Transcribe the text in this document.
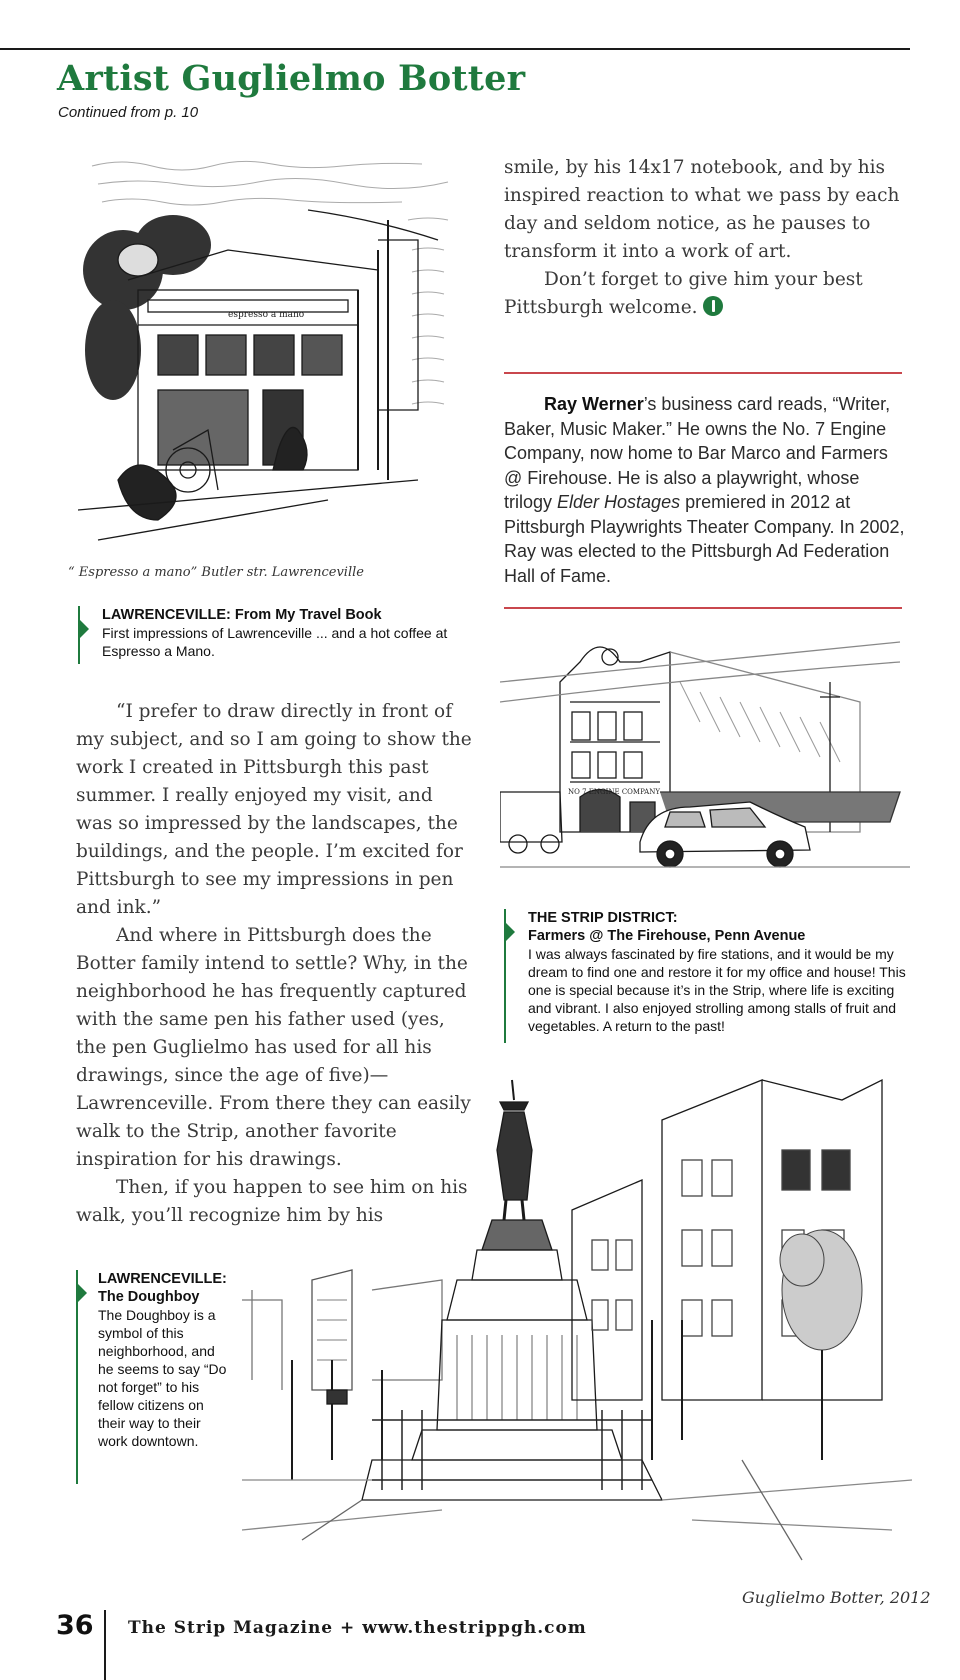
Artist Guglielmo Botter
Continued from p. 10
espresso a mano
“ Espresso a mano” Butler str. Lawrenceville
LAWRENCEVILLE: From My Travel Book
First impressions of Lawrenceville ... and a hot coffee at Espresso a Mano.

smile, by his 14x17 notebook, and by his inspired reaction to what we pass by each day and seldom notice, as he pauses to transform it into a work of art.

Don’t forget to give him your best Pittsburgh welcome.

Ray Werner’s business card reads, “Writer, Baker, Music Maker.” He owns the No. 7 Engine Company, now home to Bar Marco and Farmers @ Firehouse. He is also a playwright, whose trilogy Elder Hostages premiered in 2012 at Pittsburgh Playwrights Theater Company. In 2002, Ray was elected to the Pittsburgh Ad Federation Hall of Fame.

NO 7 ENGINE COMPANY
THE STRIP DISTRICT:
Farmers @ The Firehouse, Penn Avenue
I was always fascinated by fire stations, and it would be my dream to find one and restore it for my office and house! This one is special because it’s in the Strip, where life is exciting and vibrant. I also enjoyed strolling among stalls of fruit and vegetables. A return to the past!

“I prefer to draw directly in front of my subject, and so I am going to show the work I created in Pittsburgh this past summer. I really enjoyed my visit, and was so impressed by the landscapes, the buildings, and the people. I’m excited for Pittsburgh to see my impressions in pen and ink.”

And where in Pittsburgh does the Botter family intend to settle? Why, in the neighborhood he has frequently captured with the same pen his father used (yes, the pen Guglielmo has used for all his drawings, since the age of five)—Lawrenceville. From there they can easily walk to the Strip, another favorite inspiration for his drawings.

Then, if you happen to see him on his walk, you’ll recognize him by his

LAWRENCEVILLE:
The Doughboy
The Doughboy is a symbol of this neighborhood, and he seems to say “Do not forget” to his fellow citizens on their way to their work downtown.
Guglielmo Botter, 2012
36 The Strip Magazine + www.thestrippgh.com
